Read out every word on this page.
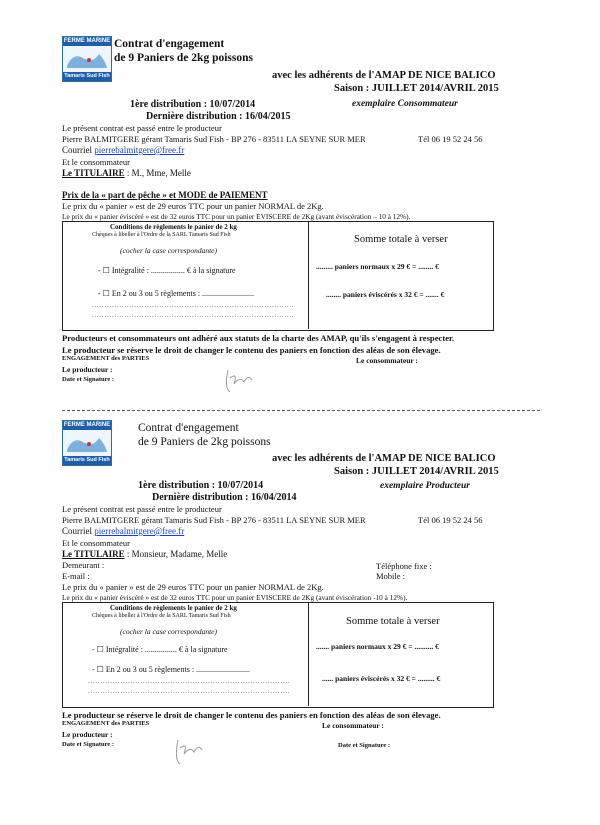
FERME MARINE
Tamaris Sud Fish
Contrat d'engagement
de 9 Paniers de 2kg poissons
avec les adhérents de l'AMAP DE NICE BALICO
Saison : JUILLET 2014/AVRIL 2015
1ère distribution : 10/07/2014	exemplaire Consommateur
Dernière distribution : 16/04/2015
Le présent contrat est passé entre le producteur
Pierre BALMITGERE gérant Tamaris Sud Fish - BP 276 - 83511 LA SEYNE SUR MER	Tél 06 19 52 24 56
Courriel pierrebalmitgere@free.fr
Et le consommateur
Le TITULAIRE : M., Mme, Melle
Prix de la « part de pêche » et MODE de PAIEMENT
Le prix du « panier » est de 29 euros TTC pour un panier NORMAL de 2Kg.
Le prix du « panier éviscéré » est de 32 euros TTC pour un panier EVISCERE de 2Kg (avant éviscération – 10 à 12%).
Conditions de règlements le panier de 2 kg
Chèques à libeller à l'Ordre de la SARL Tamaris Sud Fish
(cocher la case correspondante)
- ☐ Intégralité : ................. € à la signature
- ☐ En 2 ou 3 ou 5 règlements : ..........................
.................................................................................
.................................................................................
Somme totale à verser
......... paniers normaux x 29 € = ........ €
........ paniers éviscérés x 32 € = ....... €
Producteurs et consommateurs ont adhéré aux statuts de la charte des AMAP, qu'ils s'engagent à respecter.
Le producteur se réserve le droit de changer le contenu des paniers en fonction des aléas de son élevage.
ENGAGEMENT des PARTIES
Le producteur :
Le consommateur :
Date et Signature :
FERME MARINE
Tamaris Sud Fish
Contrat d'engagement
de 9 Paniers de 2kg poissons
avec les adhérents de l'AMAP DE NICE BALICO
Saison : JUILLET 2014/AVRIL 2015
1ère distribution : 10/07/2014	exemplaire Producteur
Dernière distribution : 16/04/2014
Le présent contrat est passé entre le producteur
Pierre BALMITGERE gérant Tamaris Sud Fish - BP 276 - 83511 LA SEYNE SUR MER	Tél 06 19 52 24 56
Courriel pierrebalmitgere@free.fr
Et le consommateur
Le TITULAIRE : Monsieur, Madame, Melle
Demeurant :	Téléphone fixe :
E-mail :	Mobile :
Le prix du « panier » est de 29 euros TTC pour un panier NORMAL de 2Kg.
Le prix du « panier éviscéré » est de 32 euros TTC pour un panier EVISCERE de 2Kg (avant éviscération -10 à 12%).
Conditions de règlements le panier de 2 kg
Chèques à libeller à l'Ordre de la SARL Tamaris Sud Fish
(cocher la case correspondante)
- ☐ Intégralité : ................ € à la signature
- ☐ En 2 ou 3 ou 5 règlements : ...........................
.................................................................................
.................................................................................
Somme totale à verser
....... paniers normaux x 29 € = .......... €
...... paniers éviscérés x 32 € = ......... €
Le producteur se réserve le droit de changer le contenu des paniers en fonction des aléas de son élevage.
ENGAGEMENT des PARTIES
Le producteur :
Le consommateur :
Date et Signature :	Date et Signature :
